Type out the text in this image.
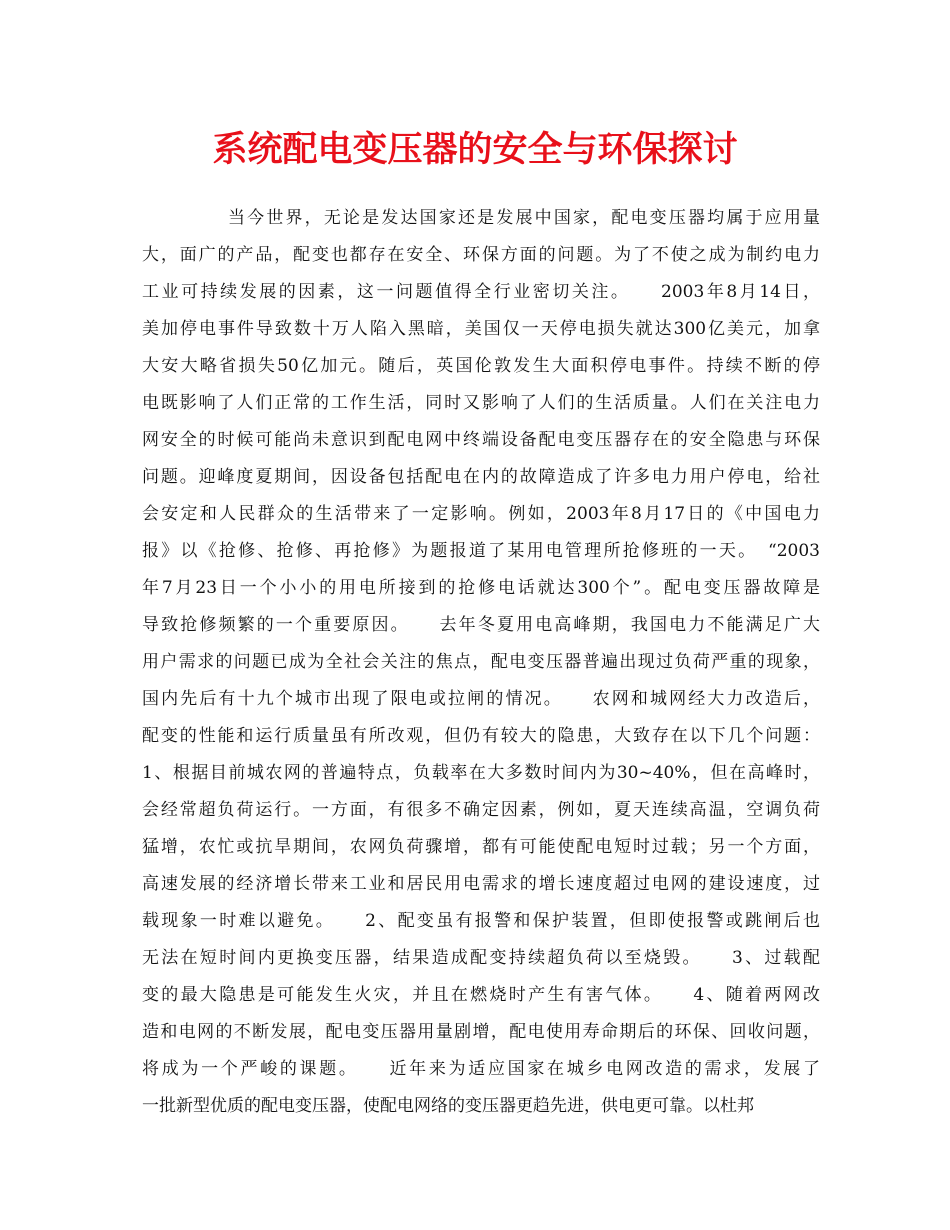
系统配电变压器的安全与环保探讨
当今世界，无论是发达国家还是发展中国家，配电变压器均属于应用量
大，面广的产品，配变也都存在安全、环保方面的问题。为了不使之成为制约电力
工业可持续发展的因素，这一问题值得全行业密切关注。　　2003年8月14日，
美加停电事件导致数十万人陷入黑暗，美国仅一天停电损失就达300亿美元，加拿
大安大略省损失50亿加元。随后，英国伦敦发生大面积停电事件。持续不断的停
电既影响了人们正常的工作生活，同时又影响了人们的生活质量。人们在关注电力
网安全的时候可能尚未意识到配电网中终端设备配电变压器存在的安全隐患与环保
问题。迎峰度夏期间，因设备包括配电在内的故障造成了许多电力用户停电，给社
会安定和人民群众的生活带来了一定影响。例如，2003年8月17日的《中国电力
报》以《抢修、抢修、再抢修》为题报道了某用电管理所抢修班的一天。　“2003
年7月23日一个小小的用电所接到的抢修电话就达300个”。配电变压器故障是
导致抢修频繁的一个重要原因。　　去年冬夏用电高峰期，我国电力不能满足广大
用户需求的问题已成为全社会关注的焦点，配电变压器普遍出现过负荷严重的现象，
国内先后有十九个城市出现了限电或拉闸的情况。　　农网和城网经大力改造后，
配变的性能和运行质量虽有所改观，但仍有较大的隐患，大致存在以下几个问题：
1、根据目前城农网的普遍特点，负载率在大多数时间内为30~40%，但在高峰时，
会经常超负荷运行。一方面，有很多不确定因素，例如，夏天连续高温，空调负荷
猛增，农忙或抗旱期间，农网负荷骤增，都有可能使配电短时过载；另一个方面，
高速发展的经济增长带来工业和居民用电需求的增长速度超过电网的建设速度，过
载现象一时难以避免。　　2、配变虽有报警和保护装置，但即使报警或跳闸后也
无法在短时间内更换变压器，结果造成配变持续超负荷以至烧毁。　　3、过载配
变的最大隐患是可能发生火灾，并且在燃烧时产生有害气体。　　4、随着两网改
造和电网的不断发展，配电变压器用量剧增，配电使用寿命期后的环保、回收问题，
将成为一个严峻的课题。　　近年来为适应国家在城乡电网改造的需求，发展了
一批新型优质的配电变压器，使配电网络的变压器更趋先进，供电更可靠。以杜邦
